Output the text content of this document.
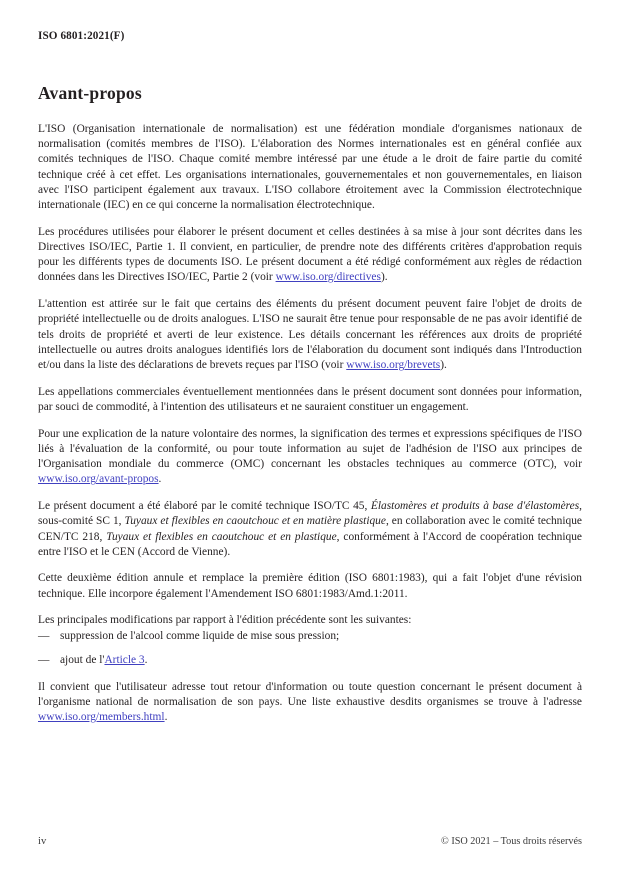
ISO 6801:2021(F)
Avant-propos

L'ISO (Organisation internationale de normalisation) est une fédération mondiale d'organismes nationaux de normalisation (comités membres de l'ISO). L'élaboration des Normes internationales est en général confiée aux comités techniques de l'ISO. Chaque comité membre intéressé par une étude a le droit de faire partie du comité technique créé à cet effet. Les organisations internationales, gouvernementales et non gouvernementales, en liaison avec l'ISO participent également aux travaux. L'ISO collabore étroitement avec la Commission électrotechnique internationale (IEC) en ce qui concerne la normalisation électrotechnique.

Les procédures utilisées pour élaborer le présent document et celles destinées à sa mise à jour sont décrites dans les Directives ISO/IEC, Partie 1. Il convient, en particulier, de prendre note des différents critères d'approbation requis pour les différents types de documents ISO. Le présent document a été rédigé conformément aux règles de rédaction données dans les Directives ISO/IEC, Partie 2 (voir www.iso.org/directives).

L'attention est attirée sur le fait que certains des éléments du présent document peuvent faire l'objet de droits de propriété intellectuelle ou de droits analogues. L'ISO ne saurait être tenue pour responsable de ne pas avoir identifié de tels droits de propriété et averti de leur existence. Les détails concernant les références aux droits de propriété intellectuelle ou autres droits analogues identifiés lors de l'élaboration du document sont indiqués dans l'Introduction et/ou dans la liste des déclarations de brevets reçues par l'ISO (voir www.iso.org/brevets).

Les appellations commerciales éventuellement mentionnées dans le présent document sont données pour information, par souci de commodité, à l'intention des utilisateurs et ne sauraient constituer un engagement.

Pour une explication de la nature volontaire des normes, la signification des termes et expressions spécifiques de l'ISO liés à l'évaluation de la conformité, ou pour toute information au sujet de l'adhésion de l'ISO aux principes de l'Organisation mondiale du commerce (OMC) concernant les obstacles techniques au commerce (OTC), voir www.iso.org/avant-propos.

Le présent document a été élaboré par le comité technique ISO/TC 45, Élastomères et produits à base d'élastomères, sous-comité SC 1, Tuyaux et flexibles en caoutchouc et en matière plastique, en collaboration avec le comité technique CEN/TC 218, Tuyaux et flexibles en caoutchouc et en plastique, conformément à l'Accord de coopération technique entre l'ISO et le CEN (Accord de Vienne).

Cette deuxième édition annule et remplace la première édition (ISO 6801:1983), qui a fait l'objet d'une révision technique. Elle incorpore également l'Amendement ISO 6801:1983/Amd.1:2011.

Les principales modifications par rapport à l'édition précédente sont les suivantes:

— suppression de l'alcool comme liquide de mise sous pression;
— ajout de l'Article 3.

Il convient que l'utilisateur adresse tout retour d'information ou toute question concernant le présent document à l'organisme national de normalisation de son pays. Une liste exhaustive desdits organismes se trouve à l'adresse www.iso.org/members.html.

iv	© ISO 2021 – Tous droits réservés
